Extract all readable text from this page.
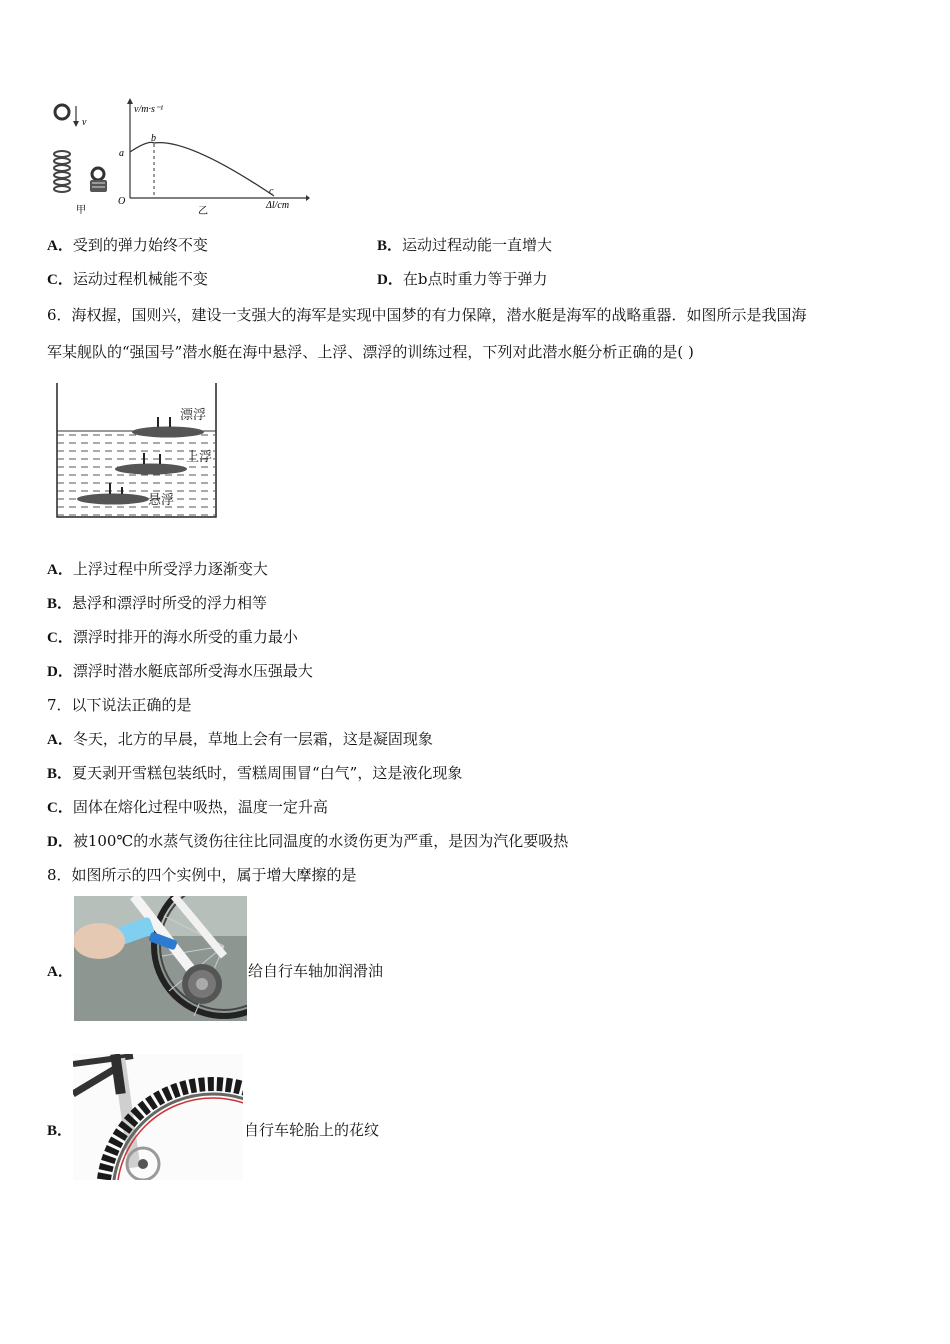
v
甲
v/m·s⁻¹
Δl/cm
O
a
b
c
乙
A．受到的弹力始终不变	B．运动过程动能一直增大
C．运动过程机械能不变	D．在b点时重力等于弹力
6．海权握，国则兴，建设一支强大的海军是实现中国梦的有力保障，潜水艇是海军的战略重器．如图所示是我国海
军某舰队的“强国号”潜水艇在海中悬浮、上浮、漂浮的训练过程，下列对此潜水艇分析正确的是( )
漂浮
上浮
悬浮
A．上浮过程中所受浮力逐渐变大
B．悬浮和漂浮时所受的浮力相等
C．漂浮时排开的海水所受的重力最小
D．漂浮时潜水艇底部所受海水压强最大
7．以下说法正确的是
A．冬天，北方的早晨，草地上会有一层霜，这是凝固现象
B．夏天剥开雪糕包装纸时，雪糕周围冒“白气”，这是液化现象
C．固体在熔化过程中吸热，温度一定升高
D．被100℃的水蒸气烫伤往往比同温度的水烫伤更为严重，是因为汽化要吸热
8．如图所示的四个实例中，属于增大摩擦的是
A．	给自行车轴加润滑油
B．	自行车轮胎上的花纹
